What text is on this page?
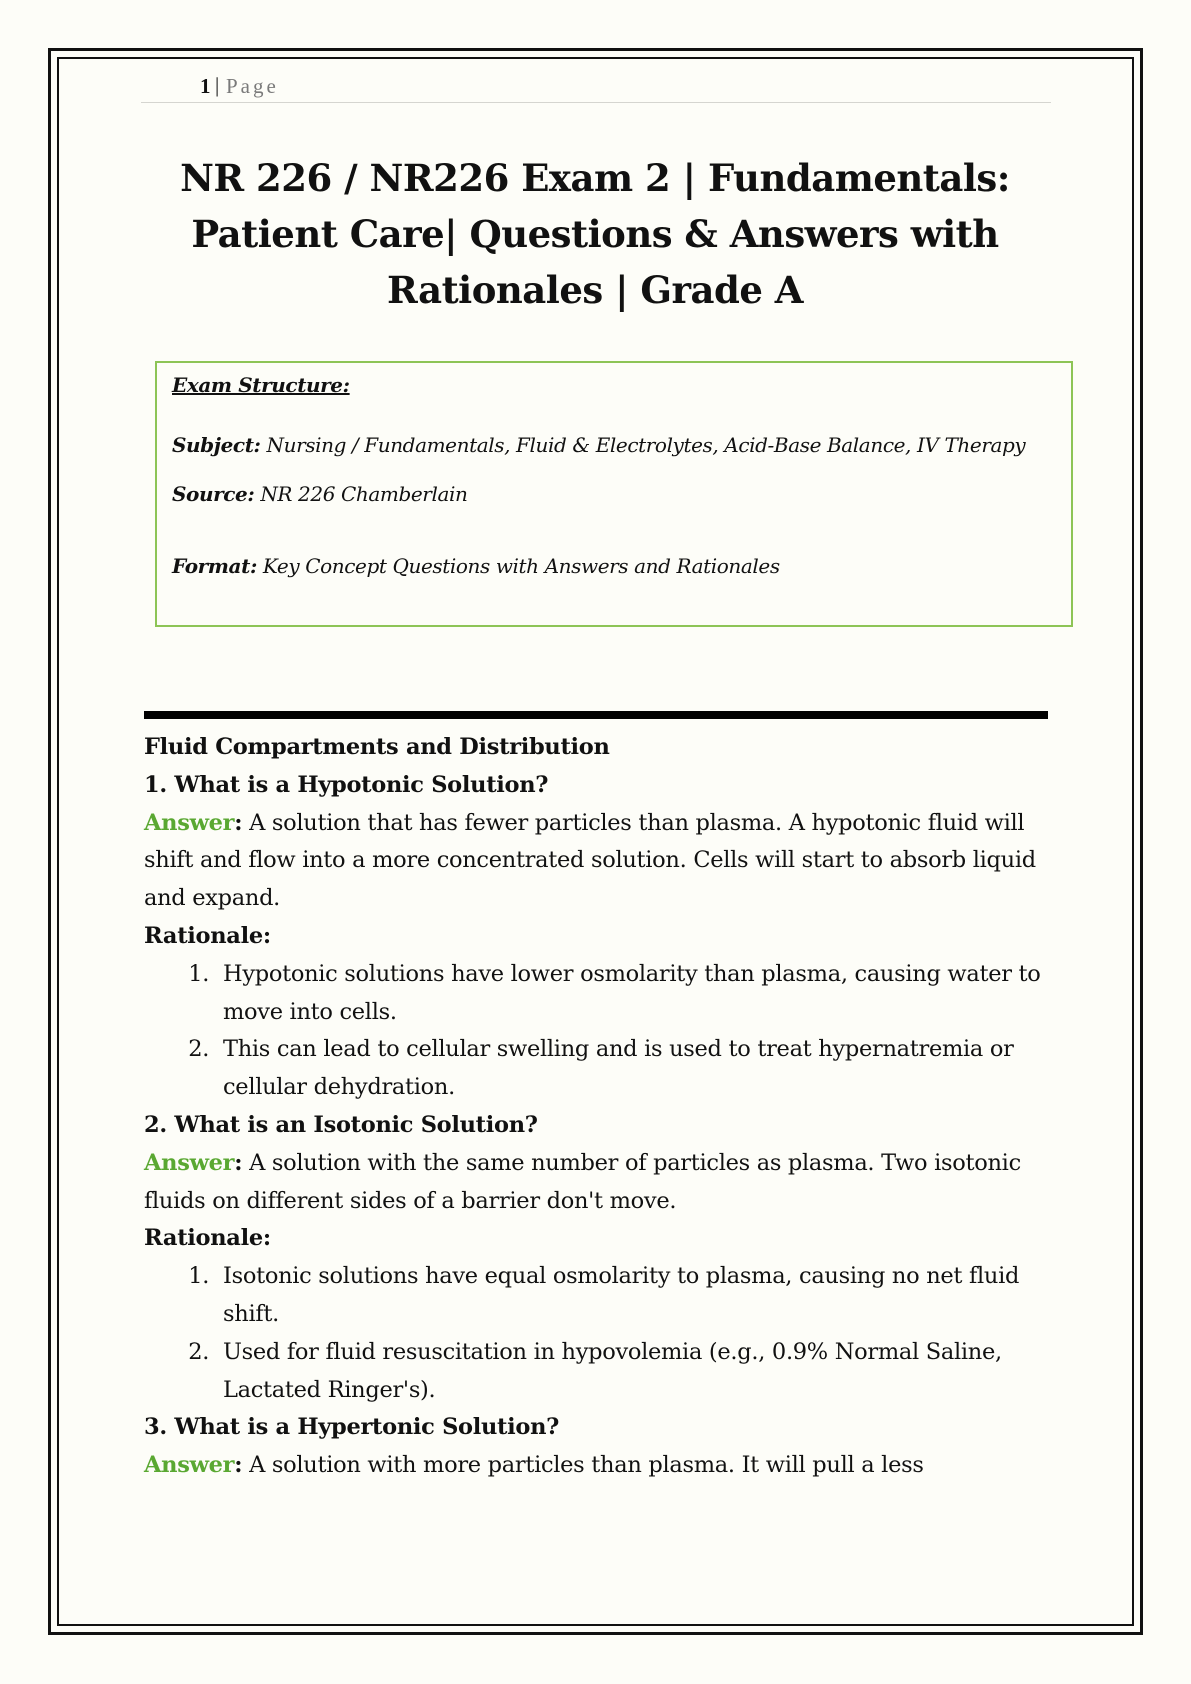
1 | Page
NR 226 / NR226 Exam 2 | Fundamentals:
Patient Care| Questions & Answers with
Rationales | Grade A
Exam Structure:
Subject: Nursing / Fundamentals, Fluid & Electrolytes, Acid-Base Balance, IV Therapy
Source: NR 226 Chamberlain
Format: Key Concept Questions with Answers and Rationales

Fluid Compartments and Distribution

1. What is a Hypotonic Solution?

Answer: A solution that has fewer particles than plasma. A hypotonic fluid will shift and flow into a more concentrated solution. Cells will start to absorb liquid and expand.

Rationale:

1. Hypotonic solutions have lower osmolarity than plasma, causing water to move into cells.
2. This can lead to cellular swelling and is used to treat hypernatremia or cellular dehydration.

2. What is an Isotonic Solution?

Answer: A solution with the same number of particles as plasma. Two isotonic fluids on different sides of a barrier don't move.

Rationale:

1. Isotonic solutions have equal osmolarity to plasma, causing no net fluid shift.
2. Used for fluid resuscitation in hypovolemia (e.g., 0.9% Normal Saline, Lactated Ringer's).

3. What is a Hypertonic Solution?

Answer: A solution with more particles than plasma. It will pull a less
